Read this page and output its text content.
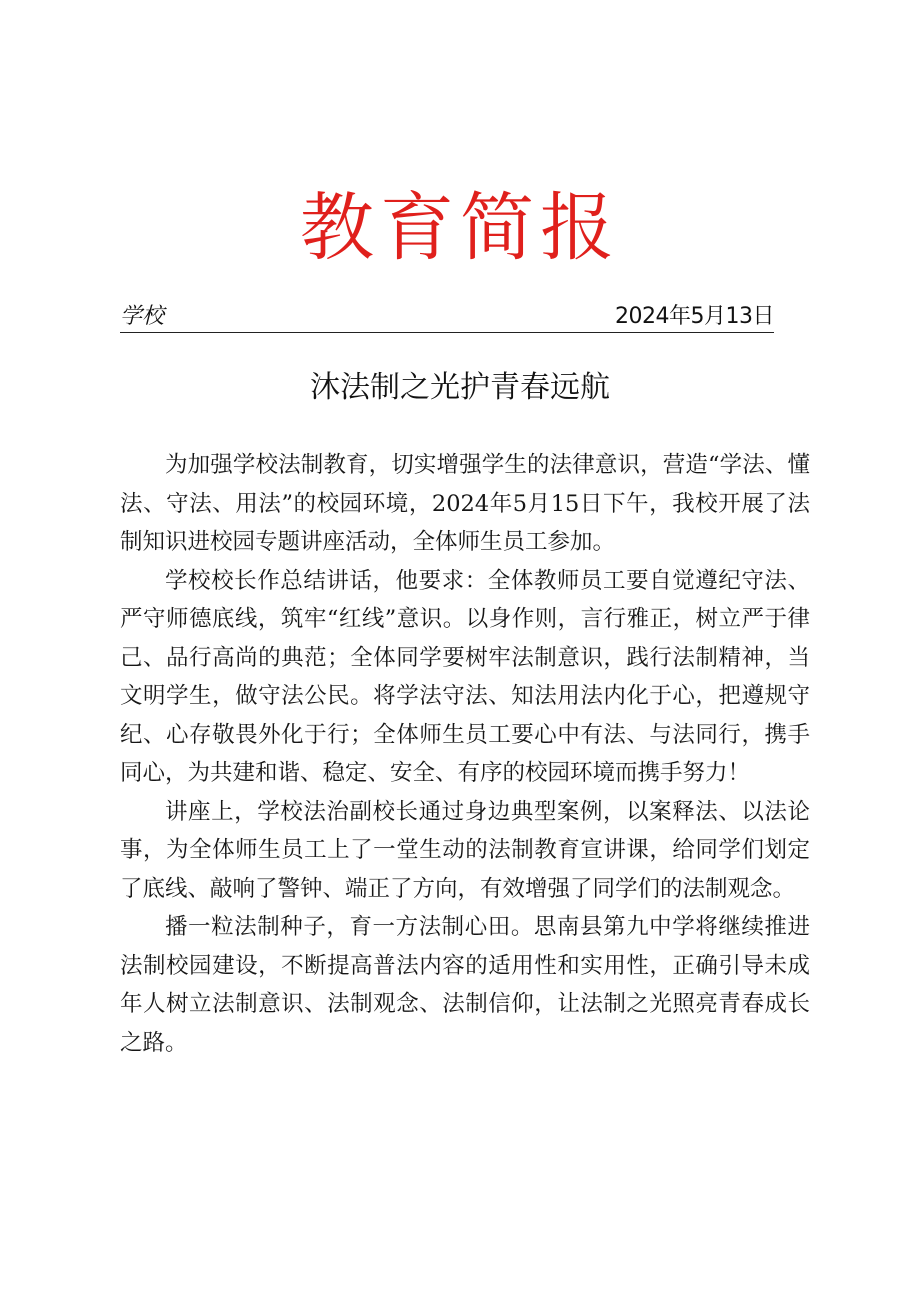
教育简报
学校	2024年5月13日
沐法制之光护青春远航

为加强学校法制教育，切实增强学生的法律意识，营造“学法、懂法、守法、用法”的校园环境，2024年5月15日下午，我校开展了法制知识进校园专题讲座活动，全体师生员工参加。

学校校长作总结讲话，他要求：全体教师员工要自觉遵纪守法、严守师德底线，筑牢“红线”意识。以身作则，言行雅正，树立严于律己、品行高尚的典范；全体同学要树牢法制意识，践行法制精神，当文明学生，做守法公民。将学法守法、知法用法内化于心，把遵规守纪、心存敬畏外化于行；全体师生员工要心中有法、与法同行，携手同心，为共建和谐、稳定、安全、有序的校园环境而携手努力！

讲座上，学校法治副校长通过身边典型案例，以案释法、以法论事，为全体师生员工上了一堂生动的法制教育宣讲课，给同学们划定了底线、敲响了警钟、端正了方向，有效增强了同学们的法制观念。

播一粒法制种子，育一方法制心田。思南县第九中学将继续推进法制校园建设，不断提高普法内容的适用性和实用性，正确引导未成年人树立法制意识、法制观念、法制信仰，让法制之光照亮青春成长之路。
